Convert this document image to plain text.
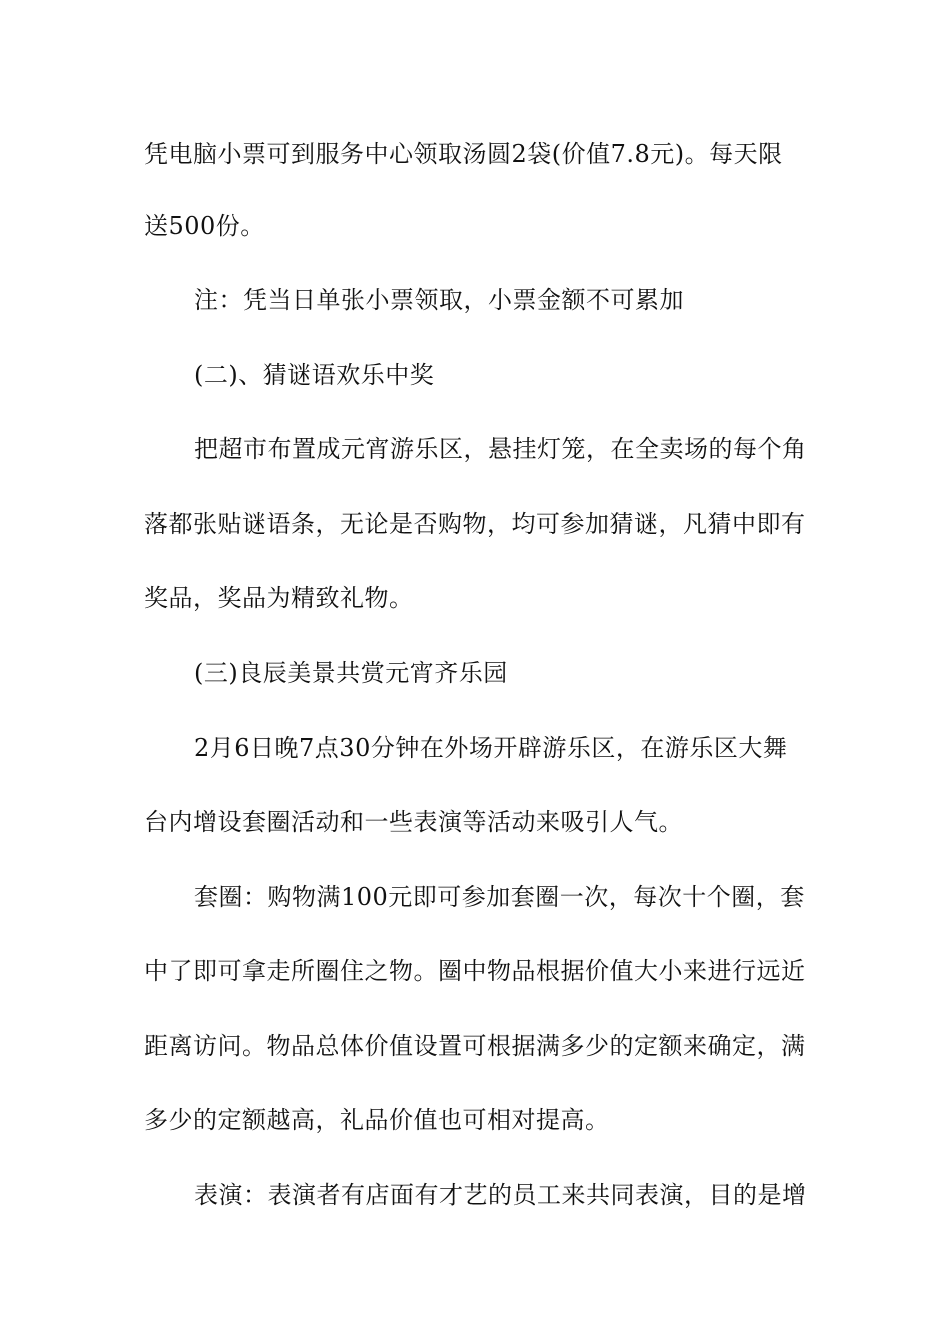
凭电脑小票可到服务中心领取汤圆2袋(价值7.8元)。每天限
送500份。
注：凭当日单张小票领取，小票金额不可累加
(二)、猜谜语欢乐中奖
把超市布置成元宵游乐区，悬挂灯笼，在全卖场的每个角
落都张贴谜语条，无论是否购物，均可参加猜谜，凡猜中即有
奖品，奖品为精致礼物。
(三)良辰美景共赏元宵齐乐园
2月6日晚7点30分钟在外场开辟游乐区，在游乐区大舞
台内增设套圈活动和一些表演等活动来吸引人气。
套圈：购物满100元即可参加套圈一次，每次十个圈，套
中了即可拿走所圈住之物。圈中物品根据价值大小来进行远近
距离访问。物品总体价值设置可根据满多少的定额来确定，满
多少的定额越高，礼品价值也可相对提高。
表演：表演者有店面有才艺的员工来共同表演，目的是增
